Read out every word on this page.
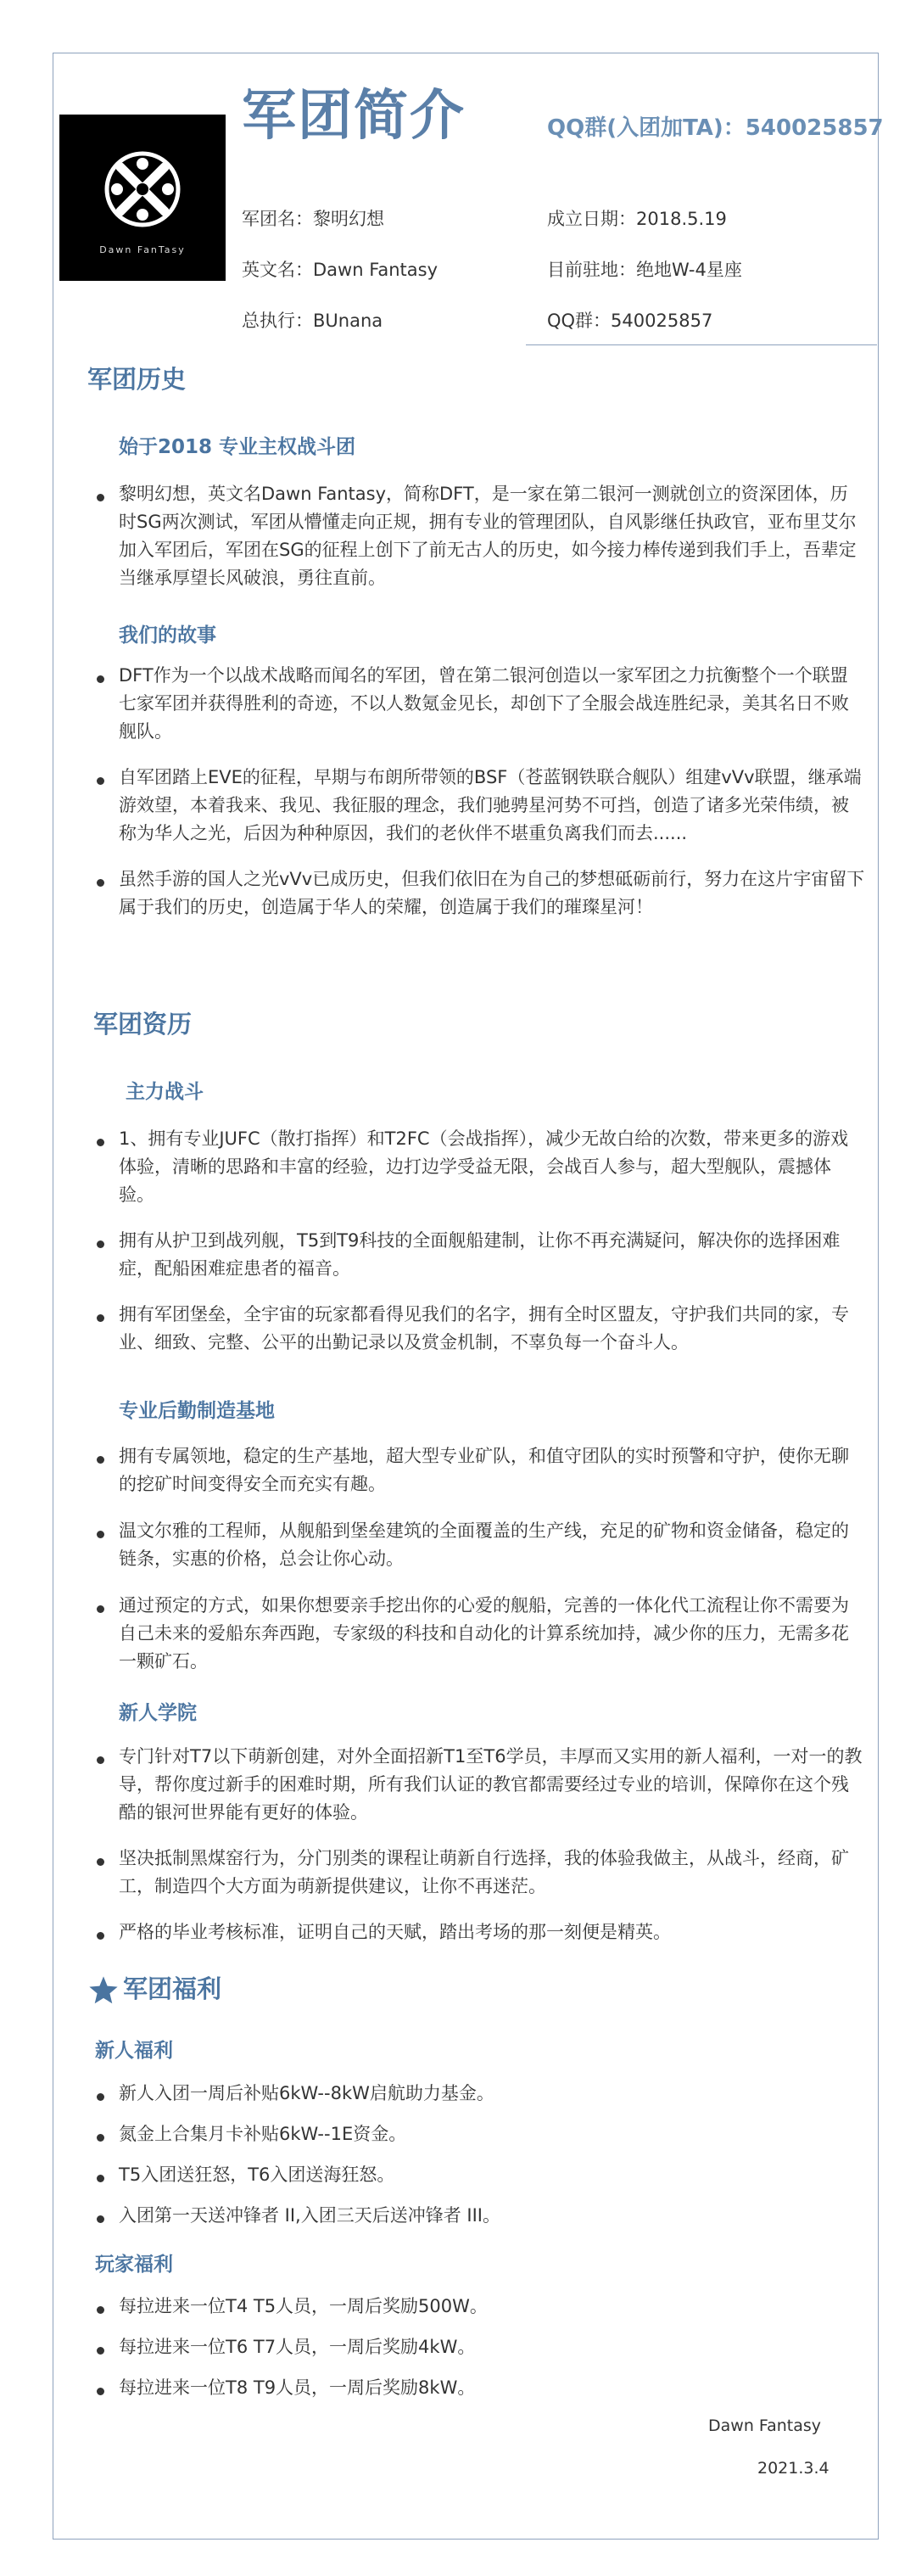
Dawn FanTasy
军团简介	QQ群(入团加TA)：540025857
军团名：黎明幻想	成立日期：2018.5.19
英文名：Dawn Fantasy	目前驻地：绝地W-4星座
总执行：BUnana	QQ群：540025857
军团历史
始于2018 专业主权战斗团

黎明幻想，英文名Dawn Fantasy，简称DFT，是一家在第二银河一测就创立的资深团体，历时SG两次测试，军团从懵懂走向正规，拥有专业的管理团队，自风影继任执政官，亚布里艾尔加入军团后，军团在SG的征程上创下了前无古人的历史，如今接力棒传递到我们手上，吾辈定当继承厚望长风破浪，勇往直前。

我们的故事

DFT作为一个以战术战略而闻名的军团，曾在第二银河创造以一家军团之力抗衡整个一个联盟七家军团并获得胜利的奇迹，不以人数氪金见长，却创下了全服会战连胜纪录，美其名日不败舰队。

自军团踏上EVE的征程，早期与布朗所带领的BSF（苍蓝钢铁联合舰队）组建vVv联盟，继承端游效望，本着我来、我见、我征服的理念，我们驰骋星河势不可挡，创造了诸多光荣伟绩，被称为华人之光，后因为种种原因，我们的老伙伴不堪重负离我们而去......

虽然手游的国人之光vVv已成历史，但我们依旧在为自己的梦想砥砺前行，努力在这片宇宙留下属于我们的历史，创造属于华人的荣耀，创造属于我们的璀璨星河！

军团资历
主力战斗

1、拥有专业JUFC（散打指挥）和T2FC（会战指挥），减少无故白给的次数，带来更多的游戏体验，清晰的思路和丰富的经验，边打边学受益无限，会战百人参与，超大型舰队，震撼体验。

拥有从护卫到战列舰，T5到T9科技的全面舰船建制，让你不再充满疑问，解决你的选择困难症，配船困难症患者的福音。

拥有军团堡垒，全宇宙的玩家都看得见我们的名字，拥有全时区盟友，守护我们共同的家，专业、细致、完整、公平的出勤记录以及赏金机制，不辜负每一个奋斗人。

专业后勤制造基地

拥有专属领地，稳定的生产基地，超大型专业矿队，和值守团队的实时预警和守护，使你无聊的挖矿时间变得安全而充实有趣。

温文尔雅的工程师，从舰船到堡垒建筑的全面覆盖的生产线，充足的矿物和资金储备，稳定的链条，实惠的价格，总会让你心动。

通过预定的方式，如果你想要亲手挖出你的心爱的舰船，完善的一体化代工流程让你不需要为自己未来的爱船东奔西跑，专家级的科技和自动化的计算系统加持，减少你的压力，无需多花一颗矿石。

新人学院

专门针对T7以下萌新创建，对外全面招新T1至T6学员，丰厚而又实用的新人福利，一对一的教导，帮你度过新手的困难时期，所有我们认证的教官都需要经过专业的培训，保障你在这个残酷的银河世界能有更好的体验。

坚决抵制黑煤窑行为，分门别类的课程让萌新自行选择，我的体验我做主，从战斗，经商，矿工，制造四个大方面为萌新提供建议，让你不再迷茫。

严格的毕业考核标准，证明自己的天赋，踏出考场的那一刻便是精英。

军团福利
新人福利

新人入团一周后补贴6kW--8kW启航助力基金。

氮金上合集月卡补贴6kW--1E资金。

T5入团送狂怒，T6入团送海狂怒。

入团第一天送冲锋者 II,入团三天后送冲锋者 III。

玩家福利

每拉进来一位T4 T5人员，一周后奖励500W。

每拉进来一位T6 T7人员，一周后奖励4kW。

每拉进来一位T8 T9人员，一周后奖励8kW。

Dawn Fantasy
2021.3.4
